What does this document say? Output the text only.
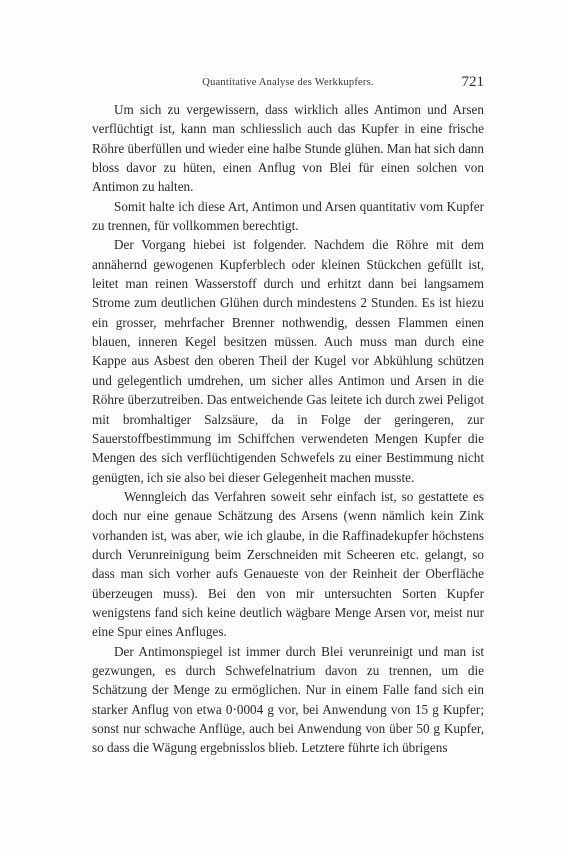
Quantitative Analyse des Werkkupfers.	721

Um sich zu vergewissern, dass wirklich alles Antimon und Arsen verflüchtigt ist, kann man schliesslich auch das Kupfer in eine frische Röhre überfüllen und wieder eine halbe Stunde glühen. Man hat sich dann bloss davor zu hüten, einen Anflug von Blei für einen solchen von Antimon zu halten.

Somit halte ich diese Art, Antimon und Arsen quantitativ vom Kupfer zu trennen, für vollkommen berechtigt.

Der Vorgang hiebei ist folgender. Nachdem die Röhre mit dem annähernd gewogenen Kupferblech oder kleinen Stückchen gefüllt ist, leitet man reinen Wasserstoff durch und erhitzt dann bei langsamem Strome zum deutlichen Glühen durch mindestens 2 Stunden. Es ist hiezu ein grosser, mehrfacher Brenner nothwendig, dessen Flammen einen blauen, inneren Kegel besitzen müssen. Auch muss man durch eine Kappe aus Asbest den oberen Theil der Kugel vor Abkühlung schützen und gelegentlich umdrehen, um sicher alles Antimon und Arsen in die Röhre überzutreiben. Das entweichende Gas leitete ich durch zwei Peligot mit bromhaltiger Salzsäure, da in Folge der geringeren, zur Sauerstoffbestimmung im Schiffchen verwendeten Mengen Kupfer die Mengen des sich verflüchtigenden Schwefels zu einer Bestimmung nicht genügten, ich sie also bei dieser Gelegenheit machen musste.

Wenngleich das Verfahren soweit sehr einfach ist, so gestattete es doch nur eine genaue Schätzung des Arsens (wenn nämlich kein Zink vorhanden ist, was aber, wie ich glaube, in die Raffinadekupfer höchstens durch Verunreinigung beim Zerschneiden mit Scheeren etc. gelangt, so dass man sich vorher aufs Genaueste von der Reinheit der Oberfläche überzeugen muss). Bei den von mir untersuchten Sorten Kupfer wenigstens fand sich keine deutlich wägbare Menge Arsen vor, meist nur eine Spur eines Anfluges.

Der Antimonspiegel ist immer durch Blei verunreinigt und man ist gezwungen, es durch Schwefelnatrium davon zu trennen, um die Schätzung der Menge zu ermöglichen. Nur in einem Falle fand sich ein starker Anflug von etwa 0·0004 g vor, bei Anwendung von 15 g Kupfer; sonst nur schwache Anflüge, auch bei Anwendung von über 50 g Kupfer, so dass die Wägung ergebnisslos blieb. Letztere führte ich übrigens
